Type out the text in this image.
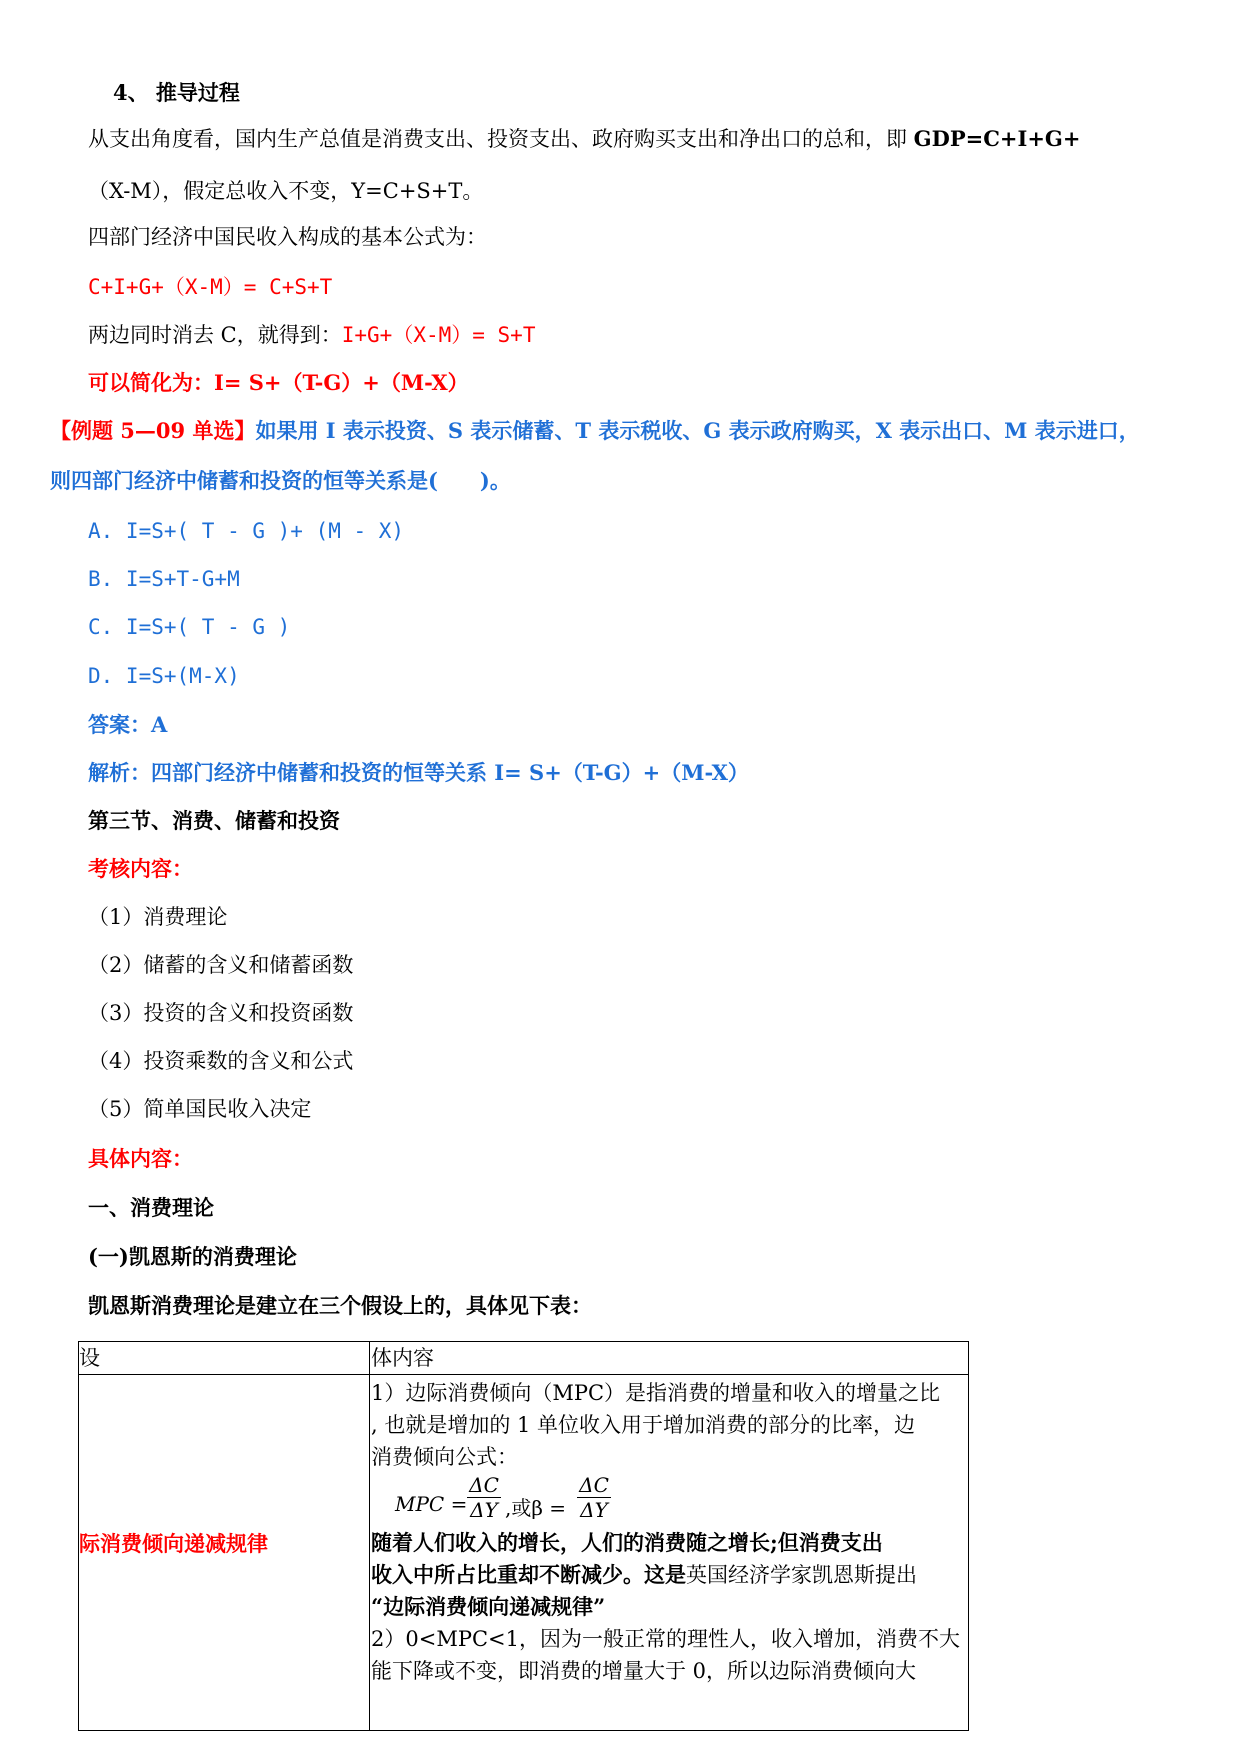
4、 推导过程
从支出角度看，国内生产总值是消费支出、投资支出、政府购买支出和净出口的总和，即 GDP=C+I+G+
（X-M），假定总收入不变，Y=C+S+T。
四部门经济中国民收入构成的基本公式为：
C+I+G+（X-M）= C+S+T
两边同时消去 C，就得到：I+G+（X-M）= S+T
可以简化为：I= S+（T-G）+（M-X）
【例题 5—09 单选】如果用 I 表示投资、S 表示储蓄、T 表示税收、G 表示政府购买，X 表示出口、M 表示进口，
则四部门经济中储蓄和投资的恒等关系是(　　)。
A. I=S+( T - G )+ (M - X)
B. I=S+T-G+M
C. I=S+( T - G )
D. I=S+(M-X)
答案：A
解析：四部门经济中储蓄和投资的恒等关系 I= S+（T-G）+（M-X）
第三节、消费、储蓄和投资
考核内容：
（1）消费理论
（2）储蓄的含义和储蓄函数
（3）投资的含义和投资函数
（4）投资乘数的含义和公式
（5）简单国民收入决定
具体内容：
一、消费理论
(一)凯恩斯的消费理论
凯恩斯消费理论是建立在三个假设上的，具体见下表：
设	体内容
际消费倾向递减规律
1）边际消费倾向（MPC）是指消费的增量和收入的增量之比
, 也就是增加的 1 单位收入用于增加消费的部分的比率，边
消费倾向公式：
MPC =
ΔC
ΔY ,或β =
ΔC
ΔY
随着人们收入的增长，人们的消费随之增长;但消费支出
收入中所占比重却不断减少。这是英国经济学家凯恩斯提出
“边际消费倾向递减规律”
2）0<MPC<1，因为一般正常的理性人，收入增加，消费不大
能下降或不变，即消费的增量大于 0，所以边际消费倾向大
